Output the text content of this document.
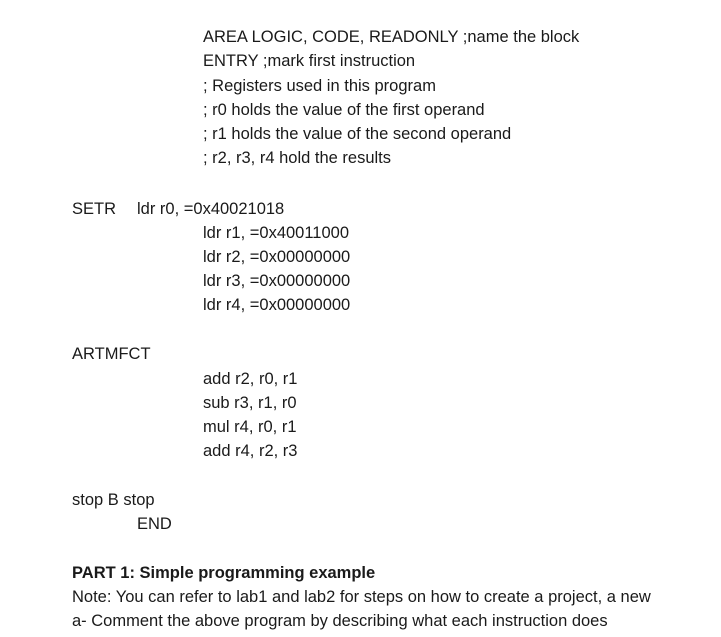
AREA LOGIC, CODE, READONLY ;name the block
ENTRY ;mark first instruction
; Registers used in this program
; r0 holds the value of the first operand
; r1 holds the value of the second operand
; r2, r3, r4 hold the results
SETR ldr r0, =0x40021018
ldr r1, =0x40011000
ldr r2, =0x00000000
ldr r3, =0x00000000
ldr r4, =0x00000000
ARTMFCT
add r2, r0, r1
sub r3, r1, r0
mul r4, r0, r1
add r4, r2, r3
stop B stop
END
PART 1: Simple programming example
Note: You can refer to lab1 and lab2 for steps on how to create a project, a new
a- Comment the above program by describing what each instruction does
